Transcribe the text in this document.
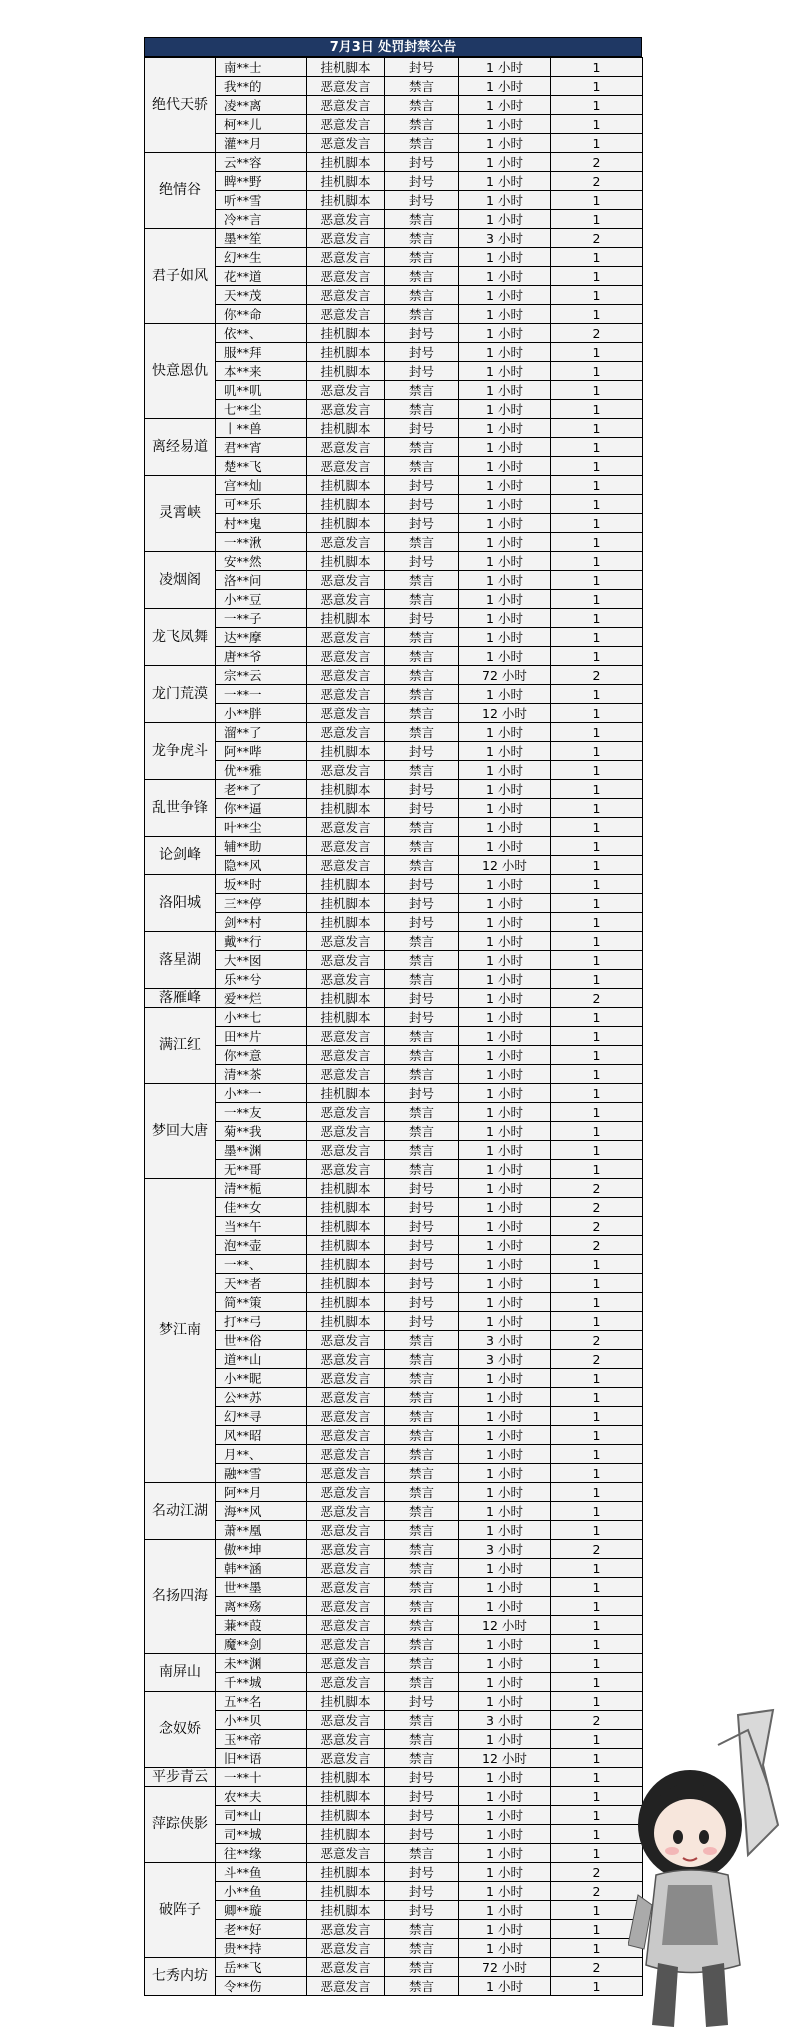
7月3日 处罚封禁公告
绝代天骄	南**士	挂机脚本	封号	1 小时	1
	我**的	恶意发言	禁言	1 小时	1
	凌**离	恶意发言	禁言	1 小时	1
	柯**儿	恶意发言	禁言	1 小时	1
	灌**月	恶意发言	禁言	1 小时	1
绝情谷	云**容	挂机脚本	封号	1 小时	2
	睥**野	挂机脚本	封号	1 小时	2
	听**雪	挂机脚本	封号	1 小时	1
	冷**言	恶意发言	禁言	1 小时	1
君子如风	墨**笙	恶意发言	禁言	3 小时	2
	幻**生	恶意发言	禁言	1 小时	1
	花**道	恶意发言	禁言	1 小时	1
	天**茂	恶意发言	禁言	1 小时	1
	你**命	恶意发言	禁言	1 小时	1
快意恩仇	依**、	挂机脚本	封号	1 小时	2
	服**拜	挂机脚本	封号	1 小时	1
	本**来	挂机脚本	封号	1 小时	1
	叽**叽	恶意发言	禁言	1 小时	1
	七**尘	恶意发言	禁言	1 小时	1
离经易道	丨**兽	挂机脚本	封号	1 小时	1
	君**宵	恶意发言	禁言	1 小时	1
	楚**飞	恶意发言	禁言	1 小时	1
灵霄峡	宫**灿	挂机脚本	封号	1 小时	1
	可**乐	挂机脚本	封号	1 小时	1
	村**鬼	挂机脚本	封号	1 小时	1
	一**湫	恶意发言	禁言	1 小时	1
凌烟阁	安**然	挂机脚本	封号	1 小时	1
	洛**问	恶意发言	禁言	1 小时	1
	小**豆	恶意发言	禁言	1 小时	1
龙飞凤舞	一**子	挂机脚本	封号	1 小时	1
	达**摩	恶意发言	禁言	1 小时	1
	唐**爷	恶意发言	禁言	1 小时	1
龙门荒漠	宗**云	恶意发言	禁言	72 小时	2
	一**一	恶意发言	禁言	1 小时	1
	小**胖	恶意发言	禁言	12 小时	1
龙争虎斗	溜**了	恶意发言	禁言	1 小时	1
	阿**哔	挂机脚本	封号	1 小时	1
	优**雅	恶意发言	禁言	1 小时	1
乱世争锋	老**了	挂机脚本	封号	1 小时	1
	你**逼	挂机脚本	封号	1 小时	1
	叶**尘	恶意发言	禁言	1 小时	1
论剑峰	辅**助	恶意发言	禁言	1 小时	1
	隐**风	恶意发言	禁言	12 小时	1
洛阳城	坂**时	挂机脚本	封号	1 小时	1
	三**停	挂机脚本	封号	1 小时	1
	剑**村	挂机脚本	封号	1 小时	1
落星湖	戴**行	恶意发言	禁言	1 小时	1
	大**囡	恶意发言	禁言	1 小时	1
	乐**兮	恶意发言	禁言	1 小时	1
落雁峰	爱**烂	挂机脚本	封号	1 小时	2
满江红	小**七	挂机脚本	封号	1 小时	1
	田**片	恶意发言	禁言	1 小时	1
	你**意	恶意发言	禁言	1 小时	1
	清**茶	恶意发言	禁言	1 小时	1
梦回大唐	小**一	挂机脚本	封号	1 小时	1
	一**友	恶意发言	禁言	1 小时	1
	菊**我	恶意发言	禁言	1 小时	1
	墨**渊	恶意发言	禁言	1 小时	1
	无**哥	恶意发言	禁言	1 小时	1
梦江南	清**栀	挂机脚本	封号	1 小时	2
	佳**女	挂机脚本	封号	1 小时	2
	当**午	挂机脚本	封号	1 小时	2
	泡**壶	挂机脚本	封号	1 小时	2
	一**、	挂机脚本	封号	1 小时	1
	天**者	挂机脚本	封号	1 小时	1
	简**策	挂机脚本	封号	1 小时	1
	打**弓	挂机脚本	封号	1 小时	1
	世**俗	恶意发言	禁言	3 小时	2
	道**山	恶意发言	禁言	3 小时	2
	小**昵	恶意发言	禁言	1 小时	1
	公**苏	恶意发言	禁言	1 小时	1
	幻**寻	恶意发言	禁言	1 小时	1
	风**昭	恶意发言	禁言	1 小时	1
	月**、	恶意发言	禁言	1 小时	1
	融**雪	恶意发言	禁言	1 小时	1
名动江湖	阿**月	恶意发言	禁言	1 小时	1
	海**风	恶意发言	禁言	1 小时	1
	萧**凰	恶意发言	禁言	1 小时	1
名扬四海	傲**坤	恶意发言	禁言	3 小时	2
	韩**涵	恶意发言	禁言	1 小时	1
	世**墨	恶意发言	禁言	1 小时	1
	离**殇	恶意发言	禁言	1 小时	1
	蒹**葭	恶意发言	禁言	12 小时	1
	魔**剑	恶意发言	禁言	1 小时	1
南屏山	未**渊	恶意发言	禁言	1 小时	1
	千**城	恶意发言	禁言	1 小时	1
念奴娇	五**名	挂机脚本	封号	1 小时	1
	小**贝	恶意发言	禁言	3 小时	2
	玉**帝	恶意发言	禁言	1 小时	1
	旧**语	恶意发言	禁言	12 小时	1
平步青云	一**十	挂机脚本	封号	1 小时	1
萍踪侠影	农**夫	挂机脚本	封号	1 小时	1
	司**山	挂机脚本	封号	1 小时	1
	司**城	挂机脚本	封号	1 小时	1
	往**缘	恶意发言	禁言	1 小时	1
破阵子	斗**鱼	挂机脚本	封号	1 小时	2
	小**鱼	挂机脚本	封号	1 小时	2
	卿**璇	挂机脚本	封号	1 小时	1
	老**好	恶意发言	禁言	1 小时	1
	贵**持	恶意发言	禁言	1 小时	1
七秀内坊	岳**飞	恶意发言	禁言	72 小时	2
	令**伤	恶意发言	禁言	1 小时	1
